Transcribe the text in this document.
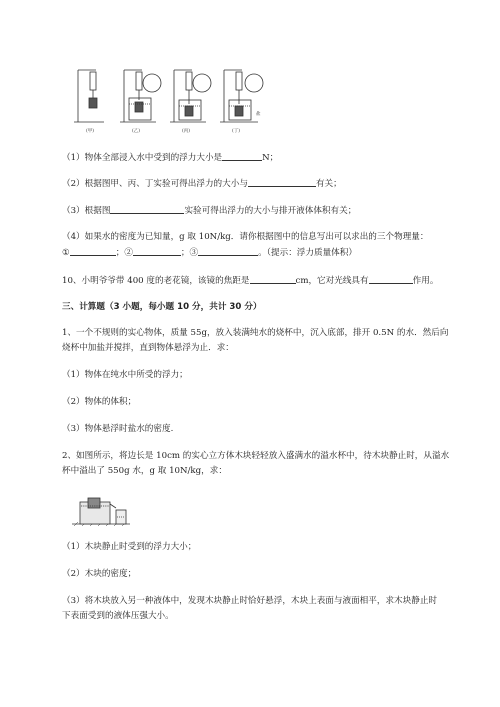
盐
(甲)	(乙)	(丙)	(丁)
（1）物体全部浸入水中受到的浮力大小是	N；
（2）根据图甲、丙、丁实验可得出浮力的大小与	有关；
（3）根据图	实验可得出浮力的大小与排开液体体积有关；
（4）如果水的密度为已知量，g 取 10N/kg．请你根据图中的信息写出可以求出的三个物理量：
①	；②	；③	。（提示：浮力质量体积）
10、小明爷爷带 400 度的老花镜，该镜的焦距是	cm，它对光线具有	作用。
三、计算题（3 小题，每小题 10 分，共计 30 分）
1、一个不规则的实心物体，质量 55g，放入装满纯水的烧杯中，沉入底部，排开 0.5N 的水．然后向
烧杯中加盐并搅拌，直到物体悬浮为止．求：
（1）物体在纯水中所受的浮力；
（2）物体的体积；
（3）物体悬浮时盐水的密度.
2、如图所示，将边长是 10cm 的实心立方体木块轻轻放入盛满水的溢水杯中，待木块静止时，从溢水
杯中溢出了 550g 水，g 取 10N/kg，求：
（1）木块静止时受到的浮力大小；
（2）木块的密度；
（3）将木块放入另一种液体中，发现木块静止时恰好悬浮，木块上表面与液面相平，求木块静止时
下表面受到的液体压强大小。
